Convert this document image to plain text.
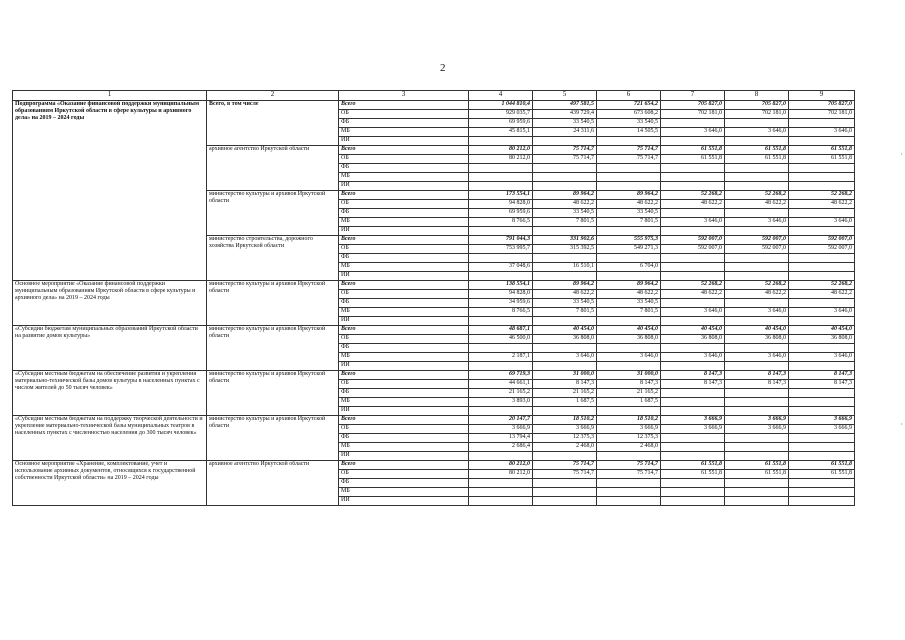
2
1	2	3	4	5	6	7	8	9
Подпрограмма «Оказание финансовой поддержки муниципальным образованиям Иркутской области в сфере культуры и архивного дела» на 2019 – 2024 годы	Всего, в том числе	Всего	1 044 810,4	497 581,5	721 654,2	705 827,0	705 827,0	705 827,0
		ОБ	929 035,7	439 729,4	673 608,2	702 181,0	702 181,0	702 181,0
		ФБ	69 959,6	33 540,5	33 540,5			
		МБ	45 815,1	24 311,6	14 505,5	3 646,0	3 646,0	3 646,0
		ИИ						
	архивное агентство Иркутской области	Всего	80 212,0	75 714,7	75 714,7	61 551,8	61 551,8	61 551,8
		ОБ	80 212,0	75 714,7	75 714,7	61 551,8	61 551,8	61 551,8
		ФБ						
		МБ						
		ИИ						
	министерство культуры и архивов Иркутской области	Всего	173 554,1	89 964,2	89 964,2	52 268,2	52 268,2	52 268,2
		ОБ	94 828,0	48 622,2	48 622,2	48 622,2	48 622,2	48 622,2
		ФБ	69 959,6	33 540,5	33 540,5			
		МБ	8 766,5	7 801,5	7 801,5	3 646,0	3 646,0	3 646,0
		ИИ						
	министерство строительства, дорожного хозяйства Иркутской области	Всего	791 044,3	331 902,6	555 975,3	592 007,0	592 007,0	592 007,0
		ОБ	753 995,7	315 392,5	549 271,3	592 007,0	592 007,0	592 007,0
		ФБ						
		МБ	37 048,6	16 510,1	6 704,0			
		ИИ						
Основное мероприятие «Оказание финансовой поддержки муниципальным образованиям Иркутской области в сфере культуры и архивного дела» на 2019 – 2024 годы	министерство культуры и архивов Иркутской области	Всего	138 554,1	89 964,2	89 964,2	52 268,2	52 268,2	52 268,2
		ОБ	94 828,0	48 622,2	48 622,2	48 622,2	48 622,2	48 622,2
		ФБ	34 959,6	33 540,5	33 540,5			
		МБ	8 766,5	7 801,5	7 801,5	3 646,0	3 646,0	3 646,0
		ИИ						
«Субсидии бюджетам муниципальных образований Иркутской области на развитие домов культуры»	министерство культуры и архивов Иркутской области	Всего	48 687,1	40 454,0	40 454,0	40 454,0	40 454,0	40 454,0
		ОБ	46 500,0	36 808,0	36 808,0	36 808,0	36 808,0	36 808,0
		ФБ						
		МБ	2 187,1	3 646,0	3 646,0	3 646,0	3 646,0	3 646,0
		ИИ						
«Субсидии местным бюджетам на обеспечение развития и укрепления материально-технической базы домов культуры в населенных пунктах с числом жителей до 50 тысяч человек»	министерство культуры и архивов Иркутской области	Всего	69 719,3	31 000,0	31 000,0	8 147,3	8 147,3	8 147,3
		ОБ	44 661,1	8 147,3	8 147,3	8 147,3	8 147,3	8 147,3
		ФБ	21 165,2	21 165,2	21 165,2			
		МБ	3 893,0	1 687,5	1 687,5			
		ИИ						
«Субсидии местным бюджетам на поддержку творческой деятельности и укрепление материально-технической базы муниципальных театров в населенных пунктах с численностью населения до 300 тысяч человек»	министерство культуры и архивов Иркутской области	Всего	20 147,7	18 510,2	18 510,2	3 666,9	3 666,9	3 666,9
		ОБ	3 666,9	3 666,9	3 666,9	3 666,9	3 666,9	3 666,9
		ФБ	13 794,4	12 375,3	12 375,3			
		МБ	2 686,4	2 468,0	2 468,0			
		ИИ						
Основное мероприятие «Хранение, комплектование, учет и использование архивных документов, относящихся к государственной собственности Иркутской области» на 2019 – 2024 годы	архивное агентство Иркутской области	Всего	80 212,0	75 714,7	75 714,7	61 551,8	61 551,8	61 551,8
		ОБ	80 212,0	75 714,7	75 714,7	61 551,8	61 551,8	61 551,8
		ФБ						
		МБ						
		ИИ						
·
·
